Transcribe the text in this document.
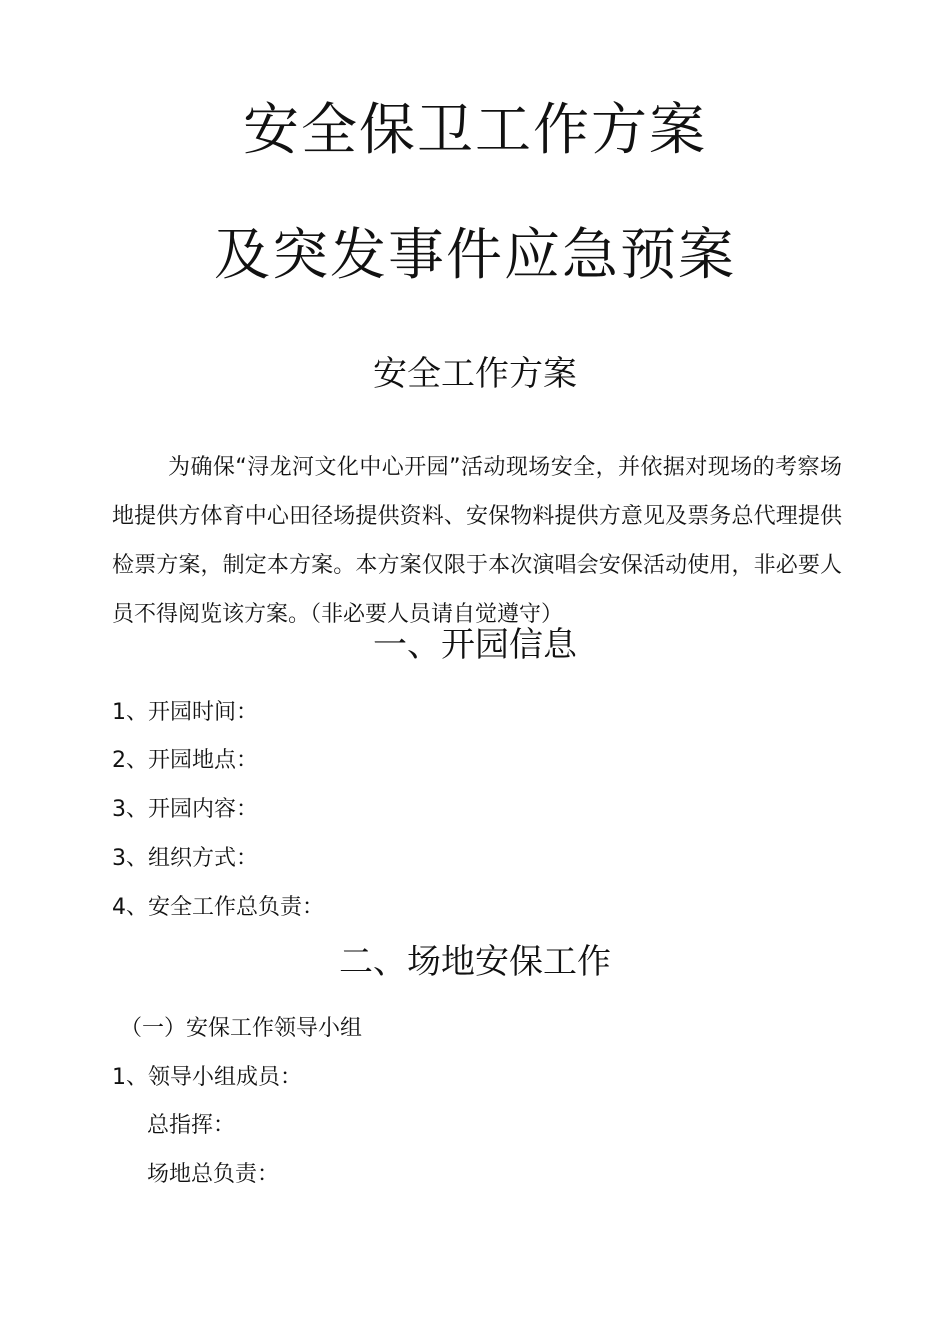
安全保卫工作方案
及突发事件应急预案
安全工作方案

为确保“浔龙河文化中心开园”活动现场安全，并依据对现场的考察场地提供方体育中心田径场提供资料、安保物料提供方意见及票务总代理提供检票方案，制定本方案。本方案仅限于本次演唱会安保活动使用，非必要人员不得阅览该方案。（非必要人员请自觉遵守）

一、开园信息
1、开园时间：
2、开园地点：
3、开园内容：
3、组织方式：
4、安全工作总负责：
二、场地安保工作
（一）安保工作领导小组
1、领导小组成员：
总指挥：
场地总负责：
